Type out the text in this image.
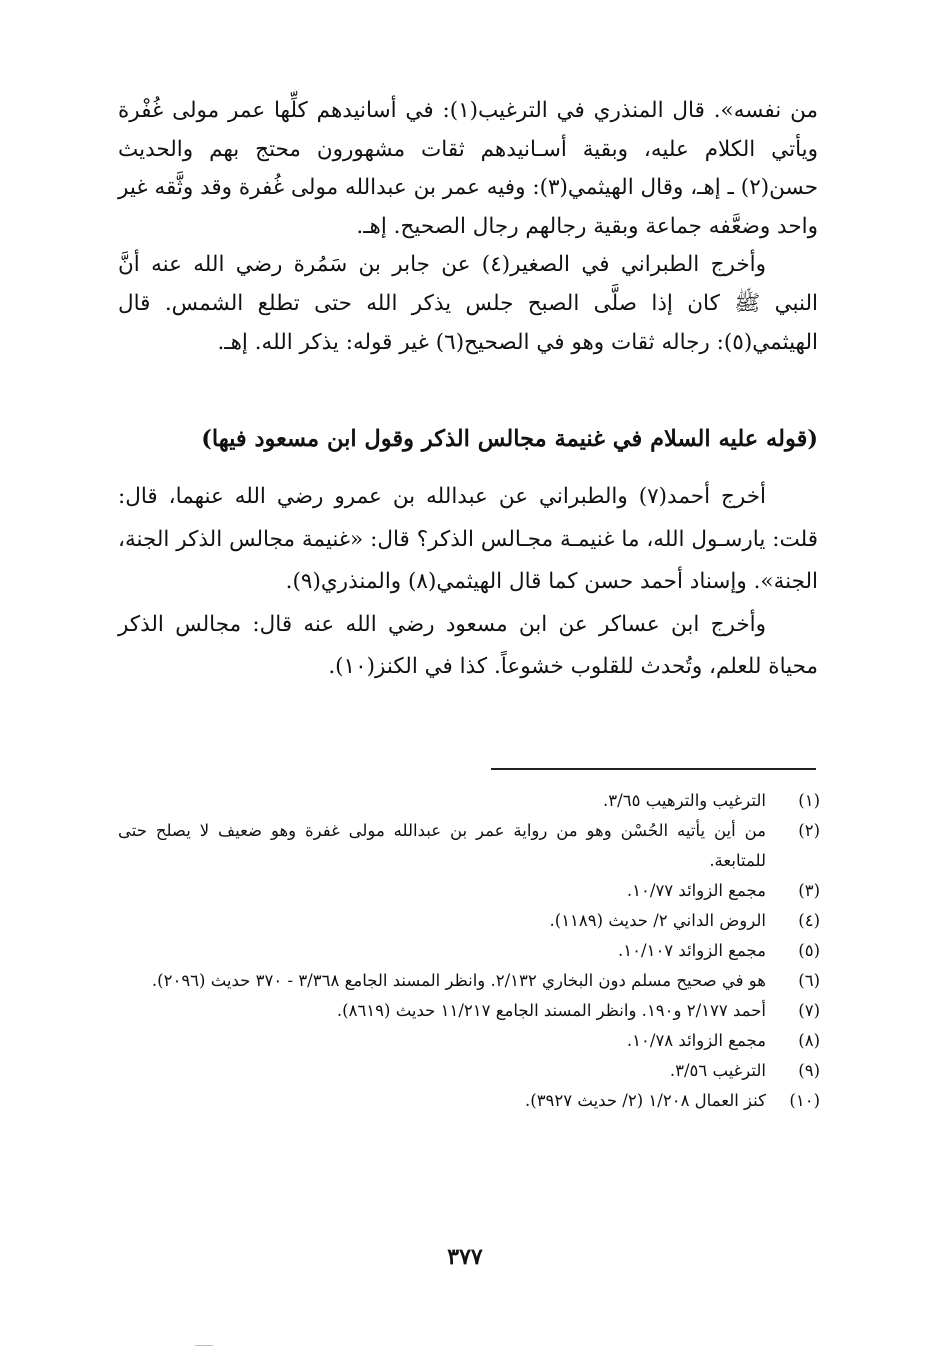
من نفسه». قال المنذري في الترغيب(١): في أسانيدهم كلِّها عمر مولى غُفْرة ويأتي الكلام عليه، وبقية أسـانيدهم ثقات مشهورون محتج بهم والحديث حسن(٢) ـ إهـ، وقال الهيثمي(٣): وفيه عمر بن عبدالله مولى غُفرة وقد وثَّقه غير واحد وضعَّفه جماعة وبقية رجالهم رجال الصحيح. إهـ.

وأخرج الطبراني في الصغير(٤) عن جابر بن سَمُرة رضي الله عنه أنَّ النبي ﷺ كان إذا صلَّى الصبح جلس يذكر الله حتى تطلع الشمس. قال الهيثمي(٥): رجاله ثقات وهو في الصحيح(٦) غير قوله: يذكر الله. إهـ.

(قوله عليه السلام في غنيمة مجالس الذكر وقول ابن مسعود فيها)

أخرج أحمد(٧) والطبراني عن عبدالله بن عمرو رضي الله عنهما، قال: قلت: يارسـول الله، ما غنيمـة مجـالس الذكر؟ قال: «غنيمة مجالس الذكر الجنة، الجنة». وإسناد أحمد حسن كما قال الهيثمي(٨) والمنذري(٩).

وأخرج ابن عساكر عن ابن مسعود رضي الله عنه قال: مجالس الذكر محياة للعلم، وتُحدث للقلوب خشوعاً. كذا في الكنز(١٠).

(١)
الترغيب والترهيب ٣/٦٥.
(٢)
من أين يأتيه الحُسْن وهو من رواية عمر بن عبدالله مولى غفرة وهو ضعيف لا يصلح حتى للمتابعة.
(٣)
مجمع الزوائد ١٠/٧٧.
(٤)
الروض الداني ٢/ حديث (١١٨٩).
(٥)
مجمع الزوائد ١٠/١٠٧.
(٦)
هو في صحيح مسلم دون البخاري ٢/١٣٢. وانظر المسند الجامع ٣/٣٦٨ - ٣٧٠ حديث (٢٠٩٦).
(٧)
أحمد ٢/١٧٧ و١٩٠. وانظر المسند الجامع ١١/٢١٧ حديث (٨٦١٩).
(٨)
مجمع الزوائد ١٠/٧٨.
(٩)
الترغيب ٣/٥٦.
(١٠)
كنز العمال ١/٢٠٨ (٢/ حديث ٣٩٢٧).
٣٧٧
